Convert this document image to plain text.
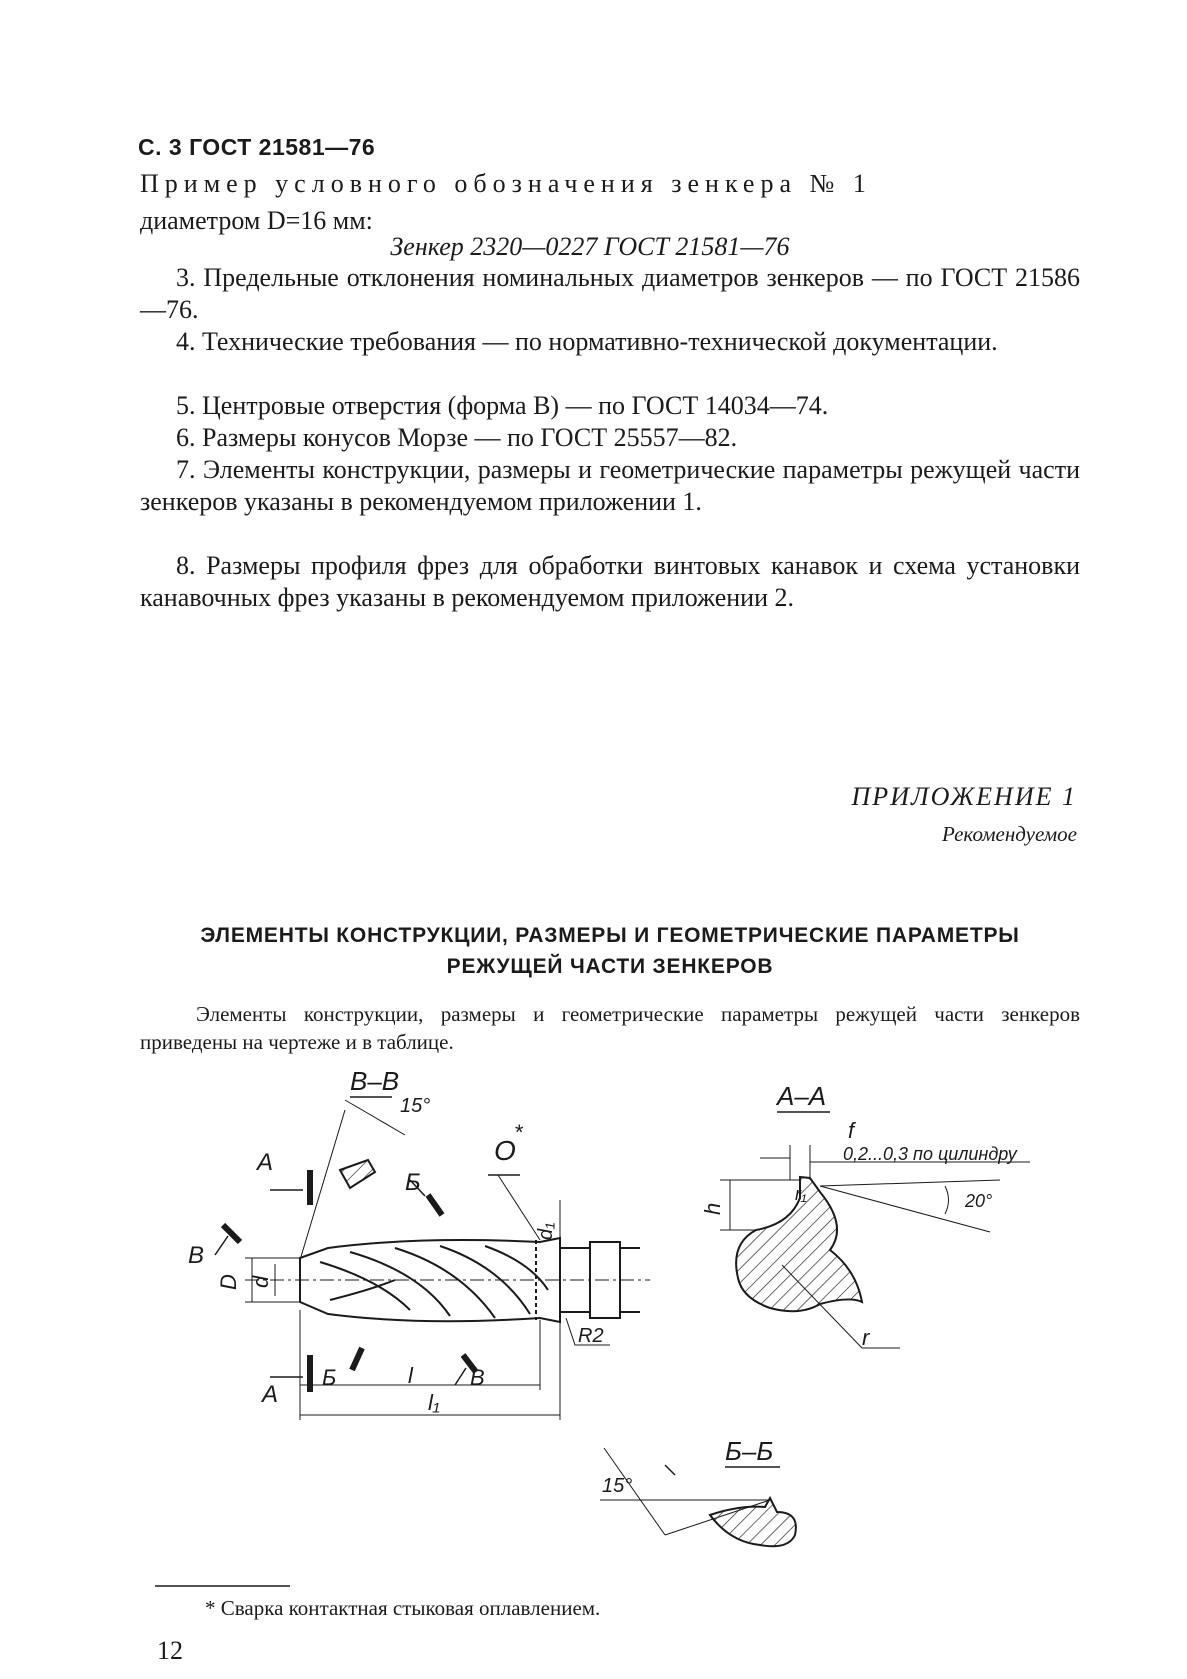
С. 3 ГОСТ 21581—76
Пример условного обозначения зенкера № 1
диаметром D=16 мм:
Зенкер 2320—0227 ГОСТ 21581—76
3. Предельные отклонения номинальных диаметров зенкеров — по ГОСТ 21586—76.
4. Технические требования — по нормативно-технической документации.
5. Центровые отверстия (форма B) — по ГОСТ 14034—74.
6. Размеры конусов Морзе — по ГОСТ 25557—82.
7. Элементы конструкции, размеры и геометрические параметры режущей части зенкеров указаны в рекомендуемом приложении 1.
8. Размеры профиля фрез для обработки винтовых канавок и схема установки канавочных фрез указаны в рекомендуемом приложении 2.
ПРИЛОЖЕНИЕ 1
Рекомендуемое
ЭЛЕМЕНТЫ КОНСТРУКЦИИ, РАЗМЕРЫ И ГЕОМЕТРИЧЕСКИЕ ПАРАМЕТРЫ
РЕЖУЩЕЙ ЧАСТИ ЗЕНКЕРОВ
Элементы конструкции, размеры и геометрические параметры режущей части зенкеров приведены на чертеже и в таблице.
В–В
15°
А
Б
В
D d
d₁
О
*
R2
А
Б	В
l
l₁
А–А
f
0,2...0,3 по цилиндру
20°
h
r₁
r
Б–Б
15°
* Сварка контактная стыковая оплавлением.
12
